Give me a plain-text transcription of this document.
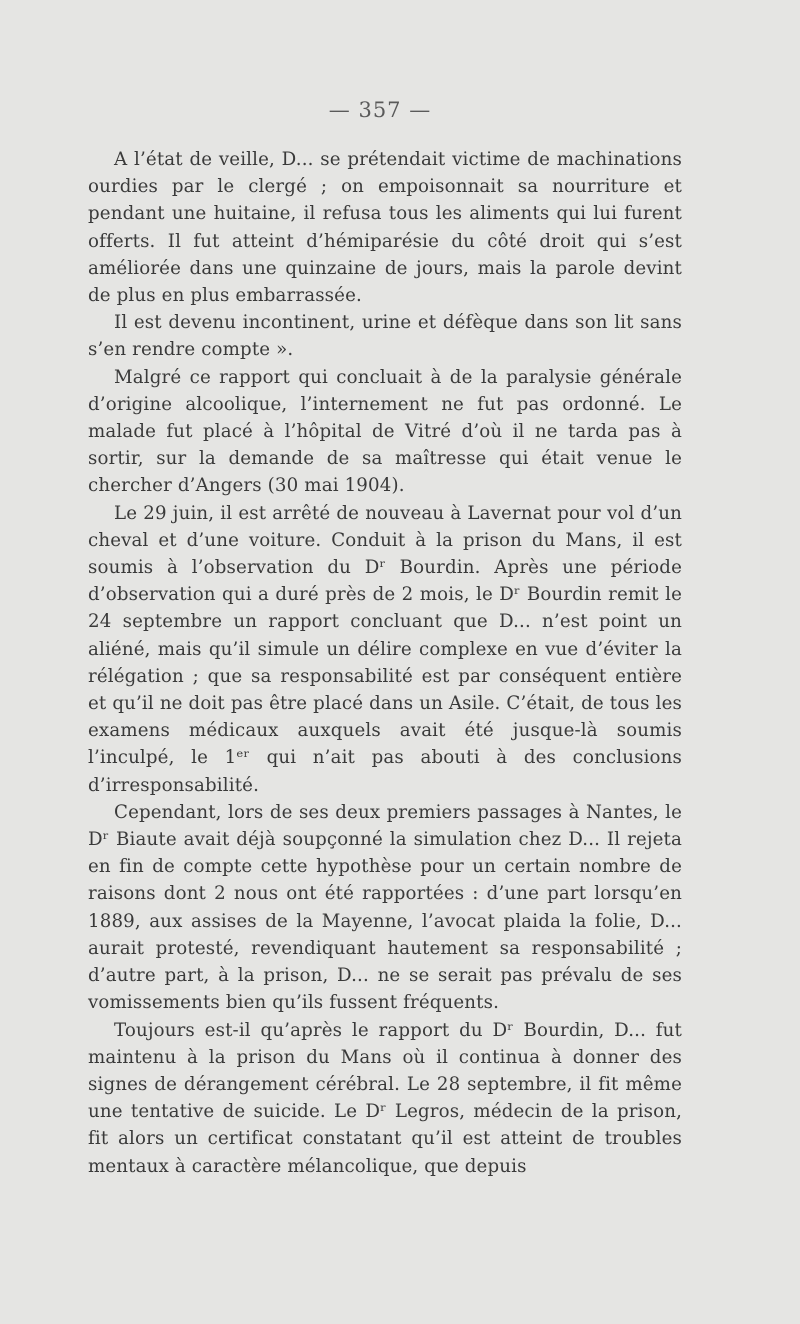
— 357 —

A l’état de veille, D... se prétendait victime de machinations ourdies par le clergé ; on empoisonnait sa nourriture et pendant une huitaine, il refusa tous les aliments qui lui furent offerts. Il fut atteint d’hémiparésie du côté droit qui s’est améliorée dans une quinzaine de jours, mais la parole devint de plus en plus embarrassée.

Il est devenu incontinent, urine et défèque dans son lit sans s’en rendre compte ».

Malgré ce rapport qui concluait à de la paralysie générale d’origine alcoolique, l’internement ne fut pas ordonné. Le malade fut placé à l’hôpital de Vitré d’où il ne tarda pas à sortir, sur la demande de sa maîtresse qui était venue le chercher d’Angers (30 mai 1904).

Le 29 juin, il est arrêté de nouveau à Lavernat pour vol d’un cheval et d’une voiture. Conduit à la prison du Mans, il est soumis à l’observation du Dʳ Bourdin. Après une période d’observation qui a duré près de 2 mois, le Dʳ Bourdin remit le 24 septembre un rapport concluant que D... n’est point un aliéné, mais qu’il simule un délire complexe en vue d’éviter la rélégation ; que sa responsabilité est par conséquent entière et qu’il ne doit pas être placé dans un Asile. C’était, de tous les examens médicaux auxquels avait été jusque-là soumis l’inculpé, le 1ᵉʳ qui n’ait pas abouti à des conclusions d’irresponsabilité.

Cependant, lors de ses deux premiers passages à Nantes, le Dʳ Biaute avait déjà soupçonné la simulation chez D... Il rejeta en fin de compte cette hypothèse pour un certain nombre de raisons dont 2 nous ont été rapportées : d’une part lorsqu’en 1889, aux assises de la Mayenne, l’avocat plaida la folie, D... aurait protesté, revendiquant hautement sa responsabilité ; d’autre part, à la prison, D... ne se serait pas prévalu de ses vomissements bien qu’ils fussent fréquents.

Toujours est-il qu’après le rapport du Dʳ Bourdin, D... fut maintenu à la prison du Mans où il continua à donner des signes de dérangement cérébral. Le 28 septembre, il fit même une tentative de suicide. Le Dʳ Legros, médecin de la prison, fit alors un certificat constatant qu’il est atteint de troubles mentaux à caractère mélancolique, que depuis
